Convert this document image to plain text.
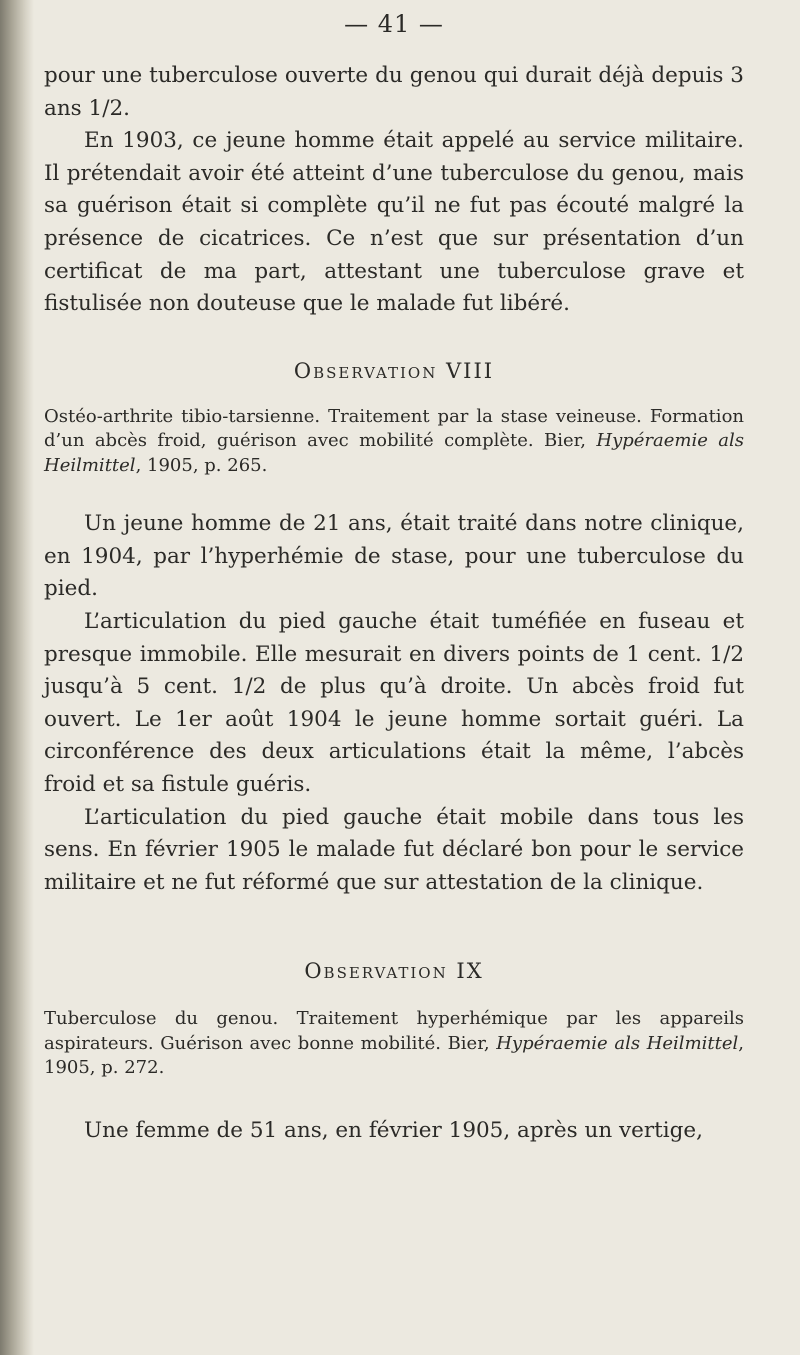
— 41 —

pour une tuberculose ouverte du genou qui durait déjà depuis 3 ans 1/2.

En 1903, ce jeune homme était appelé au service militaire. Il prétendait avoir été atteint d’une tuberculose du genou, mais sa guérison était si complète qu’il ne fut pas écouté malgré la présence de cicatrices. Ce n’est que sur présentation d’un certificat de ma part, attestant une tuberculose grave et fistulisée non douteuse que le malade fut libéré.

Observation VIII

Ostéo-arthrite tibio-tarsienne. Traitement par la stase veineuse. Formation d’un abcès froid, guérison avec mobilité complète. Bier, Hypéraemie als Heilmittel, 1905, p. 265.

Un jeune homme de 21 ans, était traité dans notre clinique, en 1904, par l’hyperhémie de stase, pour une tuberculose du pied.

L’articulation du pied gauche était tuméfiée en fuseau et presque immobile. Elle mesurait en divers points de 1 cent. 1/2 jusqu’à 5 cent. 1/2 de plus qu’à droite. Un abcès froid fut ouvert. Le 1er août 1904 le jeune homme sortait guéri. La circonférence des deux articulations était la même, l’abcès froid et sa fistule guéris.

L’articulation du pied gauche était mobile dans tous les sens. En février 1905 le malade fut déclaré bon pour le service militaire et ne fut réformé que sur attestation de la clinique.

Observation IX

Tuberculose du genou. Traitement hyperhémique par les appareils aspirateurs. Guérison avec bonne mobilité. Bier, Hypéraemie als Heilmittel, 1905, p. 272.

Une femme de 51 ans, en février 1905, après un vertige,
